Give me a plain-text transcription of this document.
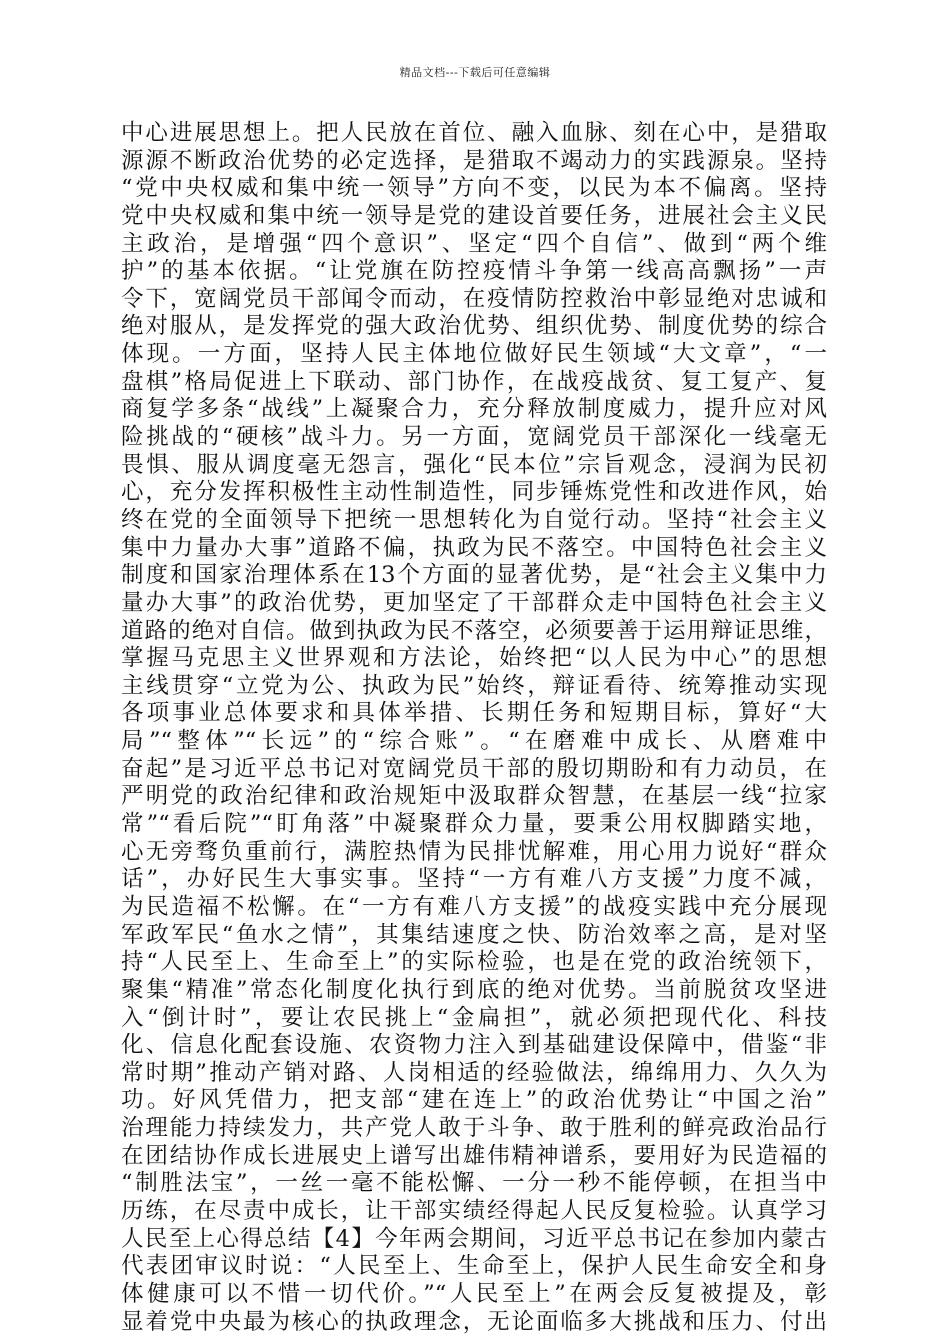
精品文档---下载后可任意编辑
中心进展思想上。把人民放在首位、融入血脉、刻在心中，是猎取
源源不断政治优势的必定选择，是猎取不竭动力的实践源泉。坚持
“党中央权威和集中统一领导”方向不变，以民为本不偏离。坚持
党中央权威和集中统一领导是党的建设首要任务，进展社会主义民
主政治，是增强“四个意识”、坚定“四个自信”、做到“两个维
护”的基本依据。“让党旗在防控疫情斗争第一线高高飘扬”一声
令下，宽阔党员干部闻令而动，在疫情防控救治中彰显绝对忠诚和
绝对服从，是发挥党的强大政治优势、组织优势、制度优势的综合
体现。一方面，坚持人民主体地位做好民生领域“大文章”，“一
盘棋”格局促进上下联动、部门协作，在战疫战贫、复工复产、复
商复学多条“战线”上凝聚合力，充分释放制度威力，提升应对风
险挑战的“硬核”战斗力。另一方面，宽阔党员干部深化一线毫无
畏惧、服从调度毫无怨言，强化“民本位”宗旨观念，浸润为民初
心，充分发挥积极性主动性制造性，同步锤炼党性和改进作风，始
终在党的全面领导下把统一思想转化为自觉行动。坚持“社会主义
集中力量办大事”道路不偏，执政为民不落空。中国特色社会主义
制度和国家治理体系在13个方面的显著优势，是“社会主义集中力
量办大事”的政治优势，更加坚定了干部群众走中国特色社会主义
道路的绝对自信。做到执政为民不落空，必须要善于运用辩证思维，
掌握马克思主义世界观和方法论，始终把“以人民为中心”的思想
主线贯穿“立党为公、执政为民”始终，辩证看待、统筹推动实现
各项事业总体要求和具体举措、长期任务和短期目标，算好“大
局”“整体”“长远”的“综合账”。“在磨难中成长、从磨难中
奋起”是习近平总书记对宽阔党员干部的殷切期盼和有力动员，在
严明党的政治纪律和政治规矩中汲取群众智慧，在基层一线“拉家
常”“看后院”“盯角落”中凝聚群众力量，要秉公用权脚踏实地，
心无旁骛负重前行，满腔热情为民排忧解难，用心用力说好“群众
话”，办好民生大事实事。坚持“一方有难八方支援”力度不减，
为民造福不松懈。在“一方有难八方支援”的战疫实践中充分展现
军政军民“鱼水之情”，其集结速度之快、防治效率之高，是对坚
持“人民至上、生命至上”的实际检验，也是在党的政治统领下，
聚集“精准”常态化制度化执行到底的绝对优势。当前脱贫攻坚进
入“倒计时”，要让农民挑上“金扁担”，就必须把现代化、科技
化、信息化配套设施、农资物力注入到基础建设保障中，借鉴“非
常时期”推动产销对路、人岗相适的经验做法，绵绵用力、久久为
功。好风凭借力，把支部“建在连上”的政治优势让“中国之治”
治理能力持续发力，共产党人敢于斗争、敢于胜利的鲜亮政治品行
在团结协作成长进展史上谱写出雄伟精神谱系，要用好为民造福的
“制胜法宝”，一丝一毫不能松懈、一分一秒不能停顿，在担当中
历练，在尽责中成长，让干部实绩经得起人民反复检验。认真学习
人民至上心得总结【4】今年两会期间，习近平总书记在参加内蒙古
代表团审议时说：“人民至上、生命至上，保护人民生命安全和身
体健康可以不惜一切代价。”“人民至上”在两会反复被提及，彰
显着党中央最为核心的执政理念，无论面临多大挑战和压力、付出
